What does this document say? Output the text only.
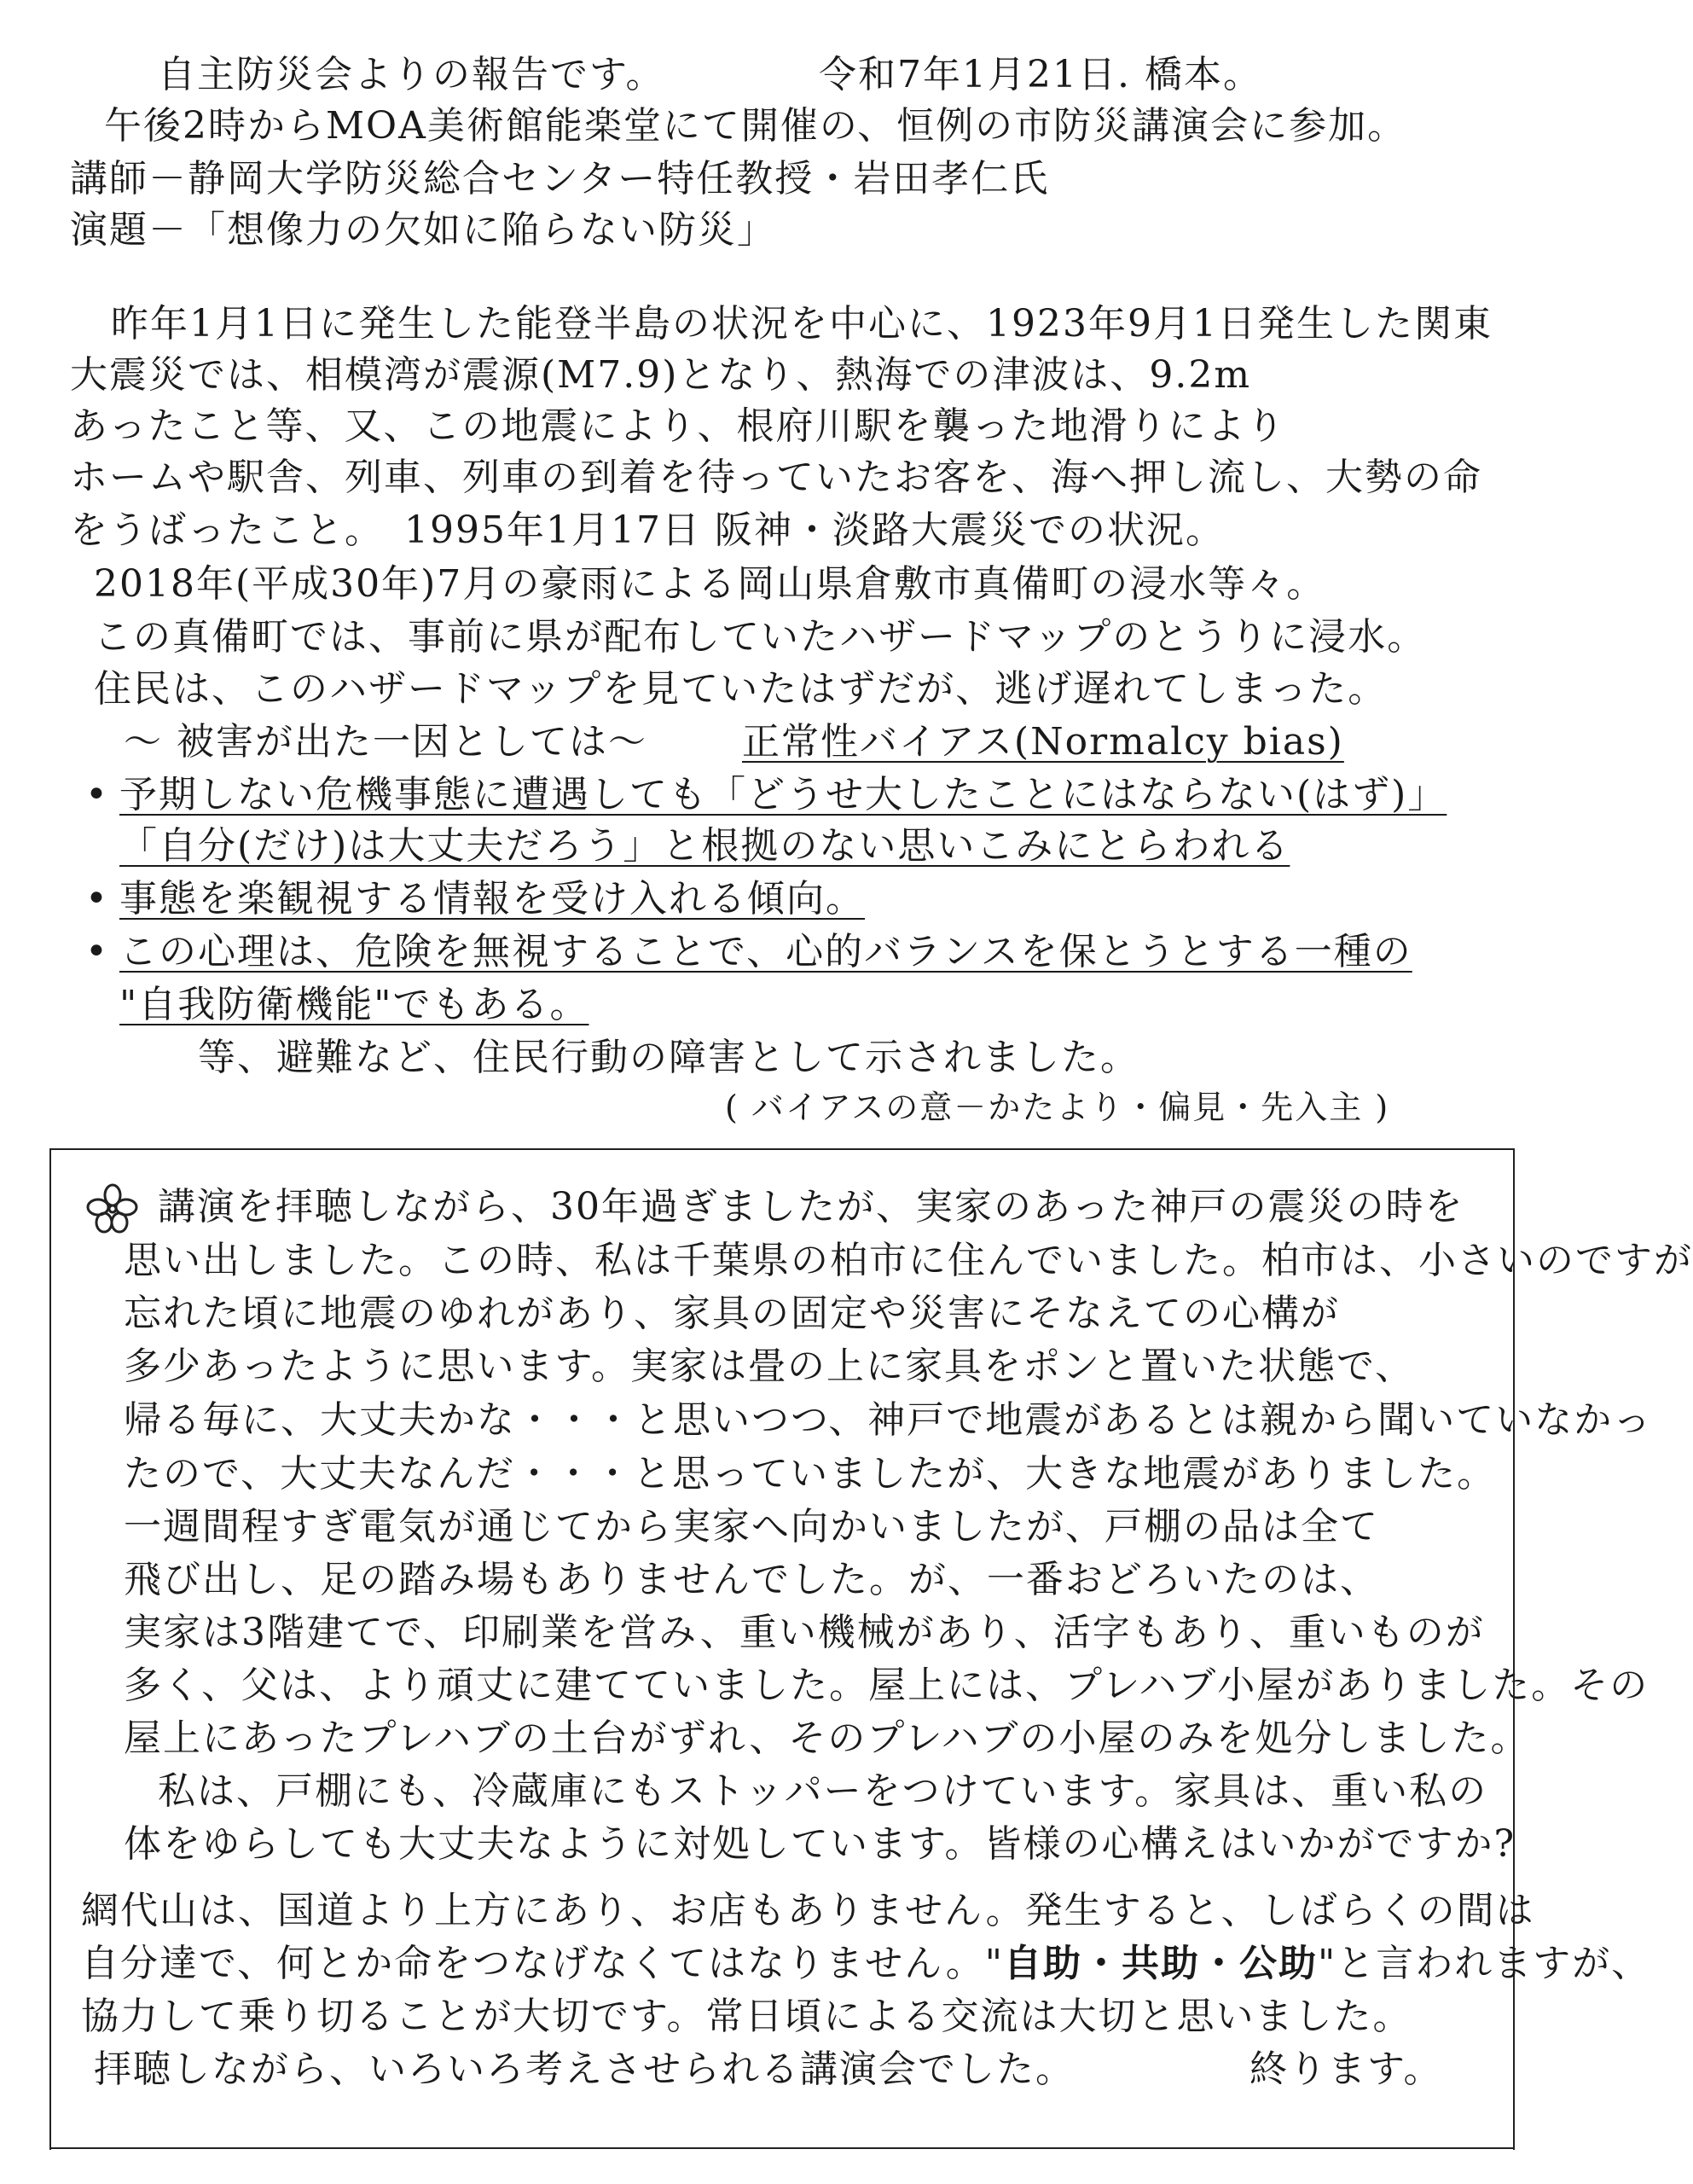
自主防災会よりの報告です。	令和7年1月21日. 橋本。
午後2時からMOA美術館能楽堂にて開催の、恒例の市防災講演会に参加。
講師－静岡大学防災総合センター特任教授・岩田孝仁氏
演題－「想像力の欠如に陥らない防災」
昨年1月1日に発生した能登半島の状況を中心に、1923年9月1日発生した関東
大震災では、相模湾が震源(M7.9)となり、熱海での津波は、9.2m
あったこと等、又、この地震により、根府川駅を襲った地滑りにより
ホームや駅舎、列車、列車の到着を待っていたお客を、海へ押し流し、大勢の命
をうばったこと。　1995年1月17日 阪神・淡路大震災での状況。
2018年(平成30年)7月の豪雨による岡山県倉敷市真備町の浸水等々。
この真備町では、事前に県が配布していたハザードマップのとうりに浸水。
住民は、このハザードマップを見ていたはずだが、逃げ遅れてしまった。
～ 被害が出た一因としては～	正常性バイアス(Normalcy bias)
• 予期しない危機事態に遭遇しても「どうせ大したことにはならない(はず)」
「自分(だけ)は大丈夫だろう」と根拠のない思いこみにとらわれる
• 事態を楽観視する情報を受け入れる傾向。
• この心理は、危険を無視することで、心的バランスを保とうとする一種の
"自我防衛機能"でもある。
等、避難など、住民行動の障害として示されました。
( バイアスの意－かたより・偏見・先入主 )
講演を拝聴しながら、30年過ぎましたが、実家のあった神戸の震災の時を
思い出しました。この時、私は千葉県の柏市に住んでいました。柏市は、小さいのですが
忘れた頃に地震のゆれがあり、家具の固定や災害にそなえての心構が
多少あったように思います。実家は畳の上に家具をポンと置いた状態で、
帰る毎に、大丈夫かな・・・と思いつつ、神戸で地震があるとは親から聞いていなかっ
たので、大丈夫なんだ・・・と思っていましたが、大きな地震がありました。
一週間程すぎ電気が通じてから実家へ向かいましたが、戸棚の品は全て
飛び出し、足の踏み場もありませんでした。が、一番おどろいたのは、
実家は3階建てで、印刷業を営み、重い機械があり、活字もあり、重いものが
多く、父は、より頑丈に建てていました。屋上には、プレハブ小屋がありました。その
屋上にあったプレハブの土台がずれ、そのプレハブの小屋のみを処分しました。
私は、戸棚にも、冷蔵庫にもストッパーをつけています。家具は、重い私の
体をゆらしても大丈夫なように対処しています。皆様の心構えはいかがですか?
網代山は、国道より上方にあり、お店もありません。発生すると、しばらくの間は
自分達で、何とか命をつなげなくてはなりません。"自助・共助・公助"と言われますが、
協力して乗り切ることが大切です。常日頃による交流は大切と思いました。
拝聴しながら、いろいろ考えさせられる講演会でした。	終ります。
